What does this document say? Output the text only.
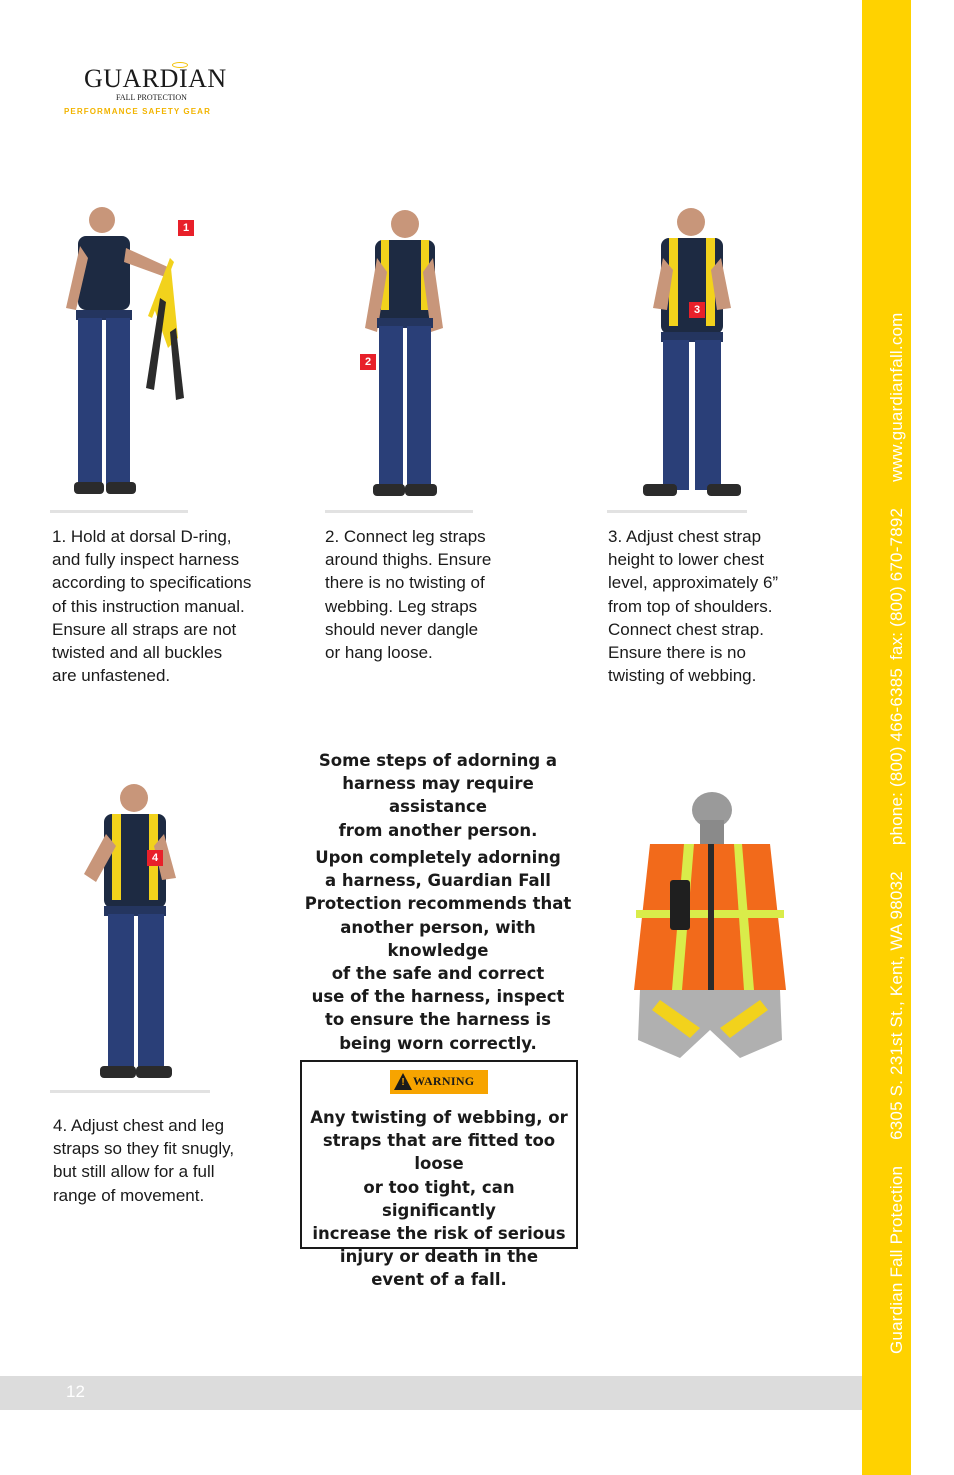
Guardian Fall Protection6305 S. 231st St., Kent, WA 98032phone: (800) 466-6385fax: (800) 670-7892www.guardianfall.com
12
GUARDIAN
FALL PROTECTION
PERFORMANCE SAFETY GEAR
1
2
3
4
1. Hold at dorsal D-ring,
and fully inspect harness
according to specifications
of this instruction manual.
Ensure all straps are not
twisted and all buckles
are unfastened.
2. Connect leg straps
around thighs. Ensure
there is no twisting of
webbing. Leg straps
should never dangle
or hang loose.
3. Adjust chest strap
height to lower chest
level, approximately 6”
from top of shoulders.
Connect chest strap.
Ensure there is no
twisting of webbing.
4. Adjust chest and leg
straps so they fit snugly,
but still allow for a full
range of movement.
Some steps of adorning a
harness may require assistance
from another person.
Upon completely adorning
a harness, Guardian Fall
Protection recommends that
another person, with knowledge
of the safe and correct
use of the harness, inspect
to ensure the harness is
being worn correctly.
! WARNING
Any twisting of webbing, or
straps that are fitted too loose
or too tight, can significantly
increase the risk of serious
injury or death in the
event of a fall.
